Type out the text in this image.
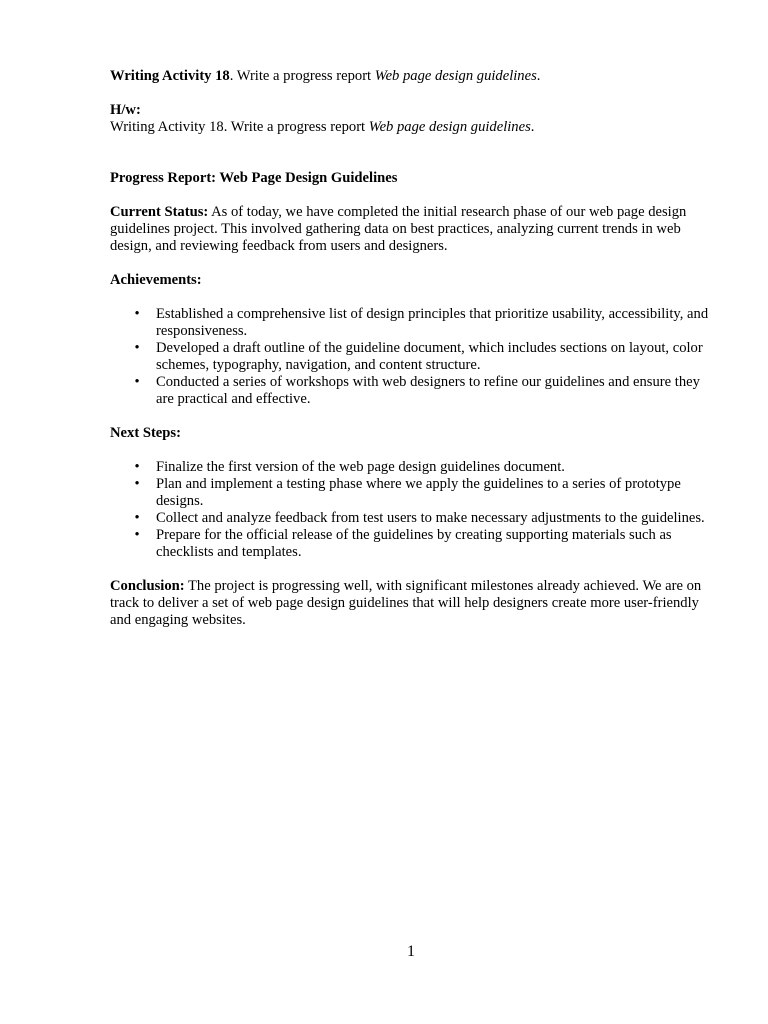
Writing Activity 18. Write a progress report Web page design guidelines.

H/w:

Writing Activity 18. Write a progress report Web page design guidelines.

Progress Report: Web Page Design Guidelines

Current Status: As of today, we have completed the initial research phase of our web page design guidelines project. This involved gathering data on best practices, analyzing current trends in web design, and reviewing feedback from users and designers.

Achievements:

• Established a comprehensive list of design principles that prioritize usability, accessibility, and responsiveness.
• Developed a draft outline of the guideline document, which includes sections on layout, color schemes, typography, navigation, and content structure.
• Conducted a series of workshops with web designers to refine our guidelines and ensure they are practical and effective.

Next Steps:

• Finalize the first version of the web page design guidelines document.
• Plan and implement a testing phase where we apply the guidelines to a series of prototype designs.
• Collect and analyze feedback from test users to make necessary adjustments to the guidelines.
• Prepare for the official release of the guidelines by creating supporting materials such as checklists and templates.

Conclusion: The project is progressing well, with significant milestones already achieved. We are on track to deliver a set of web page design guidelines that will help designers create more user-friendly and engaging websites.

1
